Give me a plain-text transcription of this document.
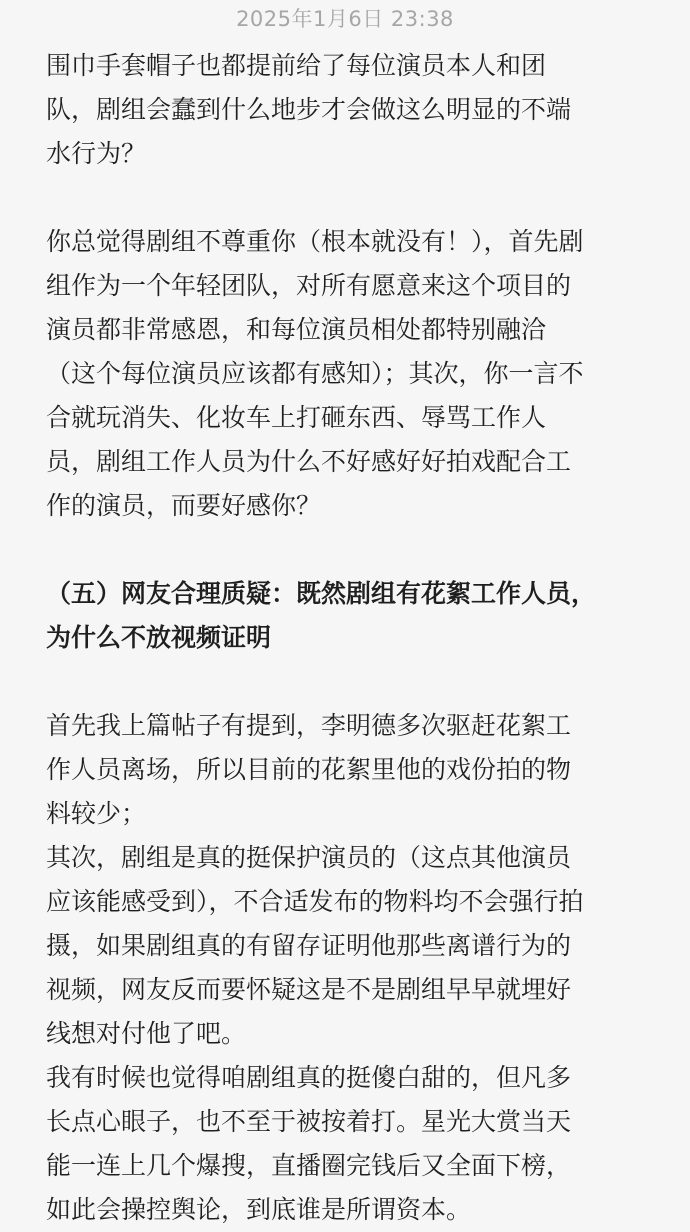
2025年1月6日 23:38

围巾手套帽子也都提前给了每位演员本人和团
队，剧组会蠢到什么地步才会做这么明显的不端
水行为？

你总觉得剧组不尊重你（根本就没有！），首先剧
组作为一个年轻团队，对所有愿意来这个项目的
演员都非常感恩，和每位演员相处都特别融洽
（这个每位演员应该都有感知）；其次，你一言不
合就玩消失、化妆车上打砸东西、辱骂工作人
员，剧组工作人员为什么不好感好好拍戏配合工
作的演员，而要好感你？

（五）网友合理质疑：既然剧组有花絮工作人员，
为什么不放视频证明

首先我上篇帖子有提到，李明德多次驱赶花絮工
作人员离场，所以目前的花絮里他的戏份拍的物
料较少；

其次，剧组是真的挺保护演员的（这点其他演员
应该能感受到），不合适发布的物料均不会强行拍
摄，如果剧组真的有留存证明他那些离谱行为的
视频，网友反而要怀疑这是不是剧组早早就埋好
线想对付他了吧。

我有时候也觉得咱剧组真的挺傻白甜的，但凡多
长点心眼子，也不至于被按着打。星光大赏当天
能一连上几个爆搜，直播圈完钱后又全面下榜，
如此会操控舆论，到底谁是所谓资本。
